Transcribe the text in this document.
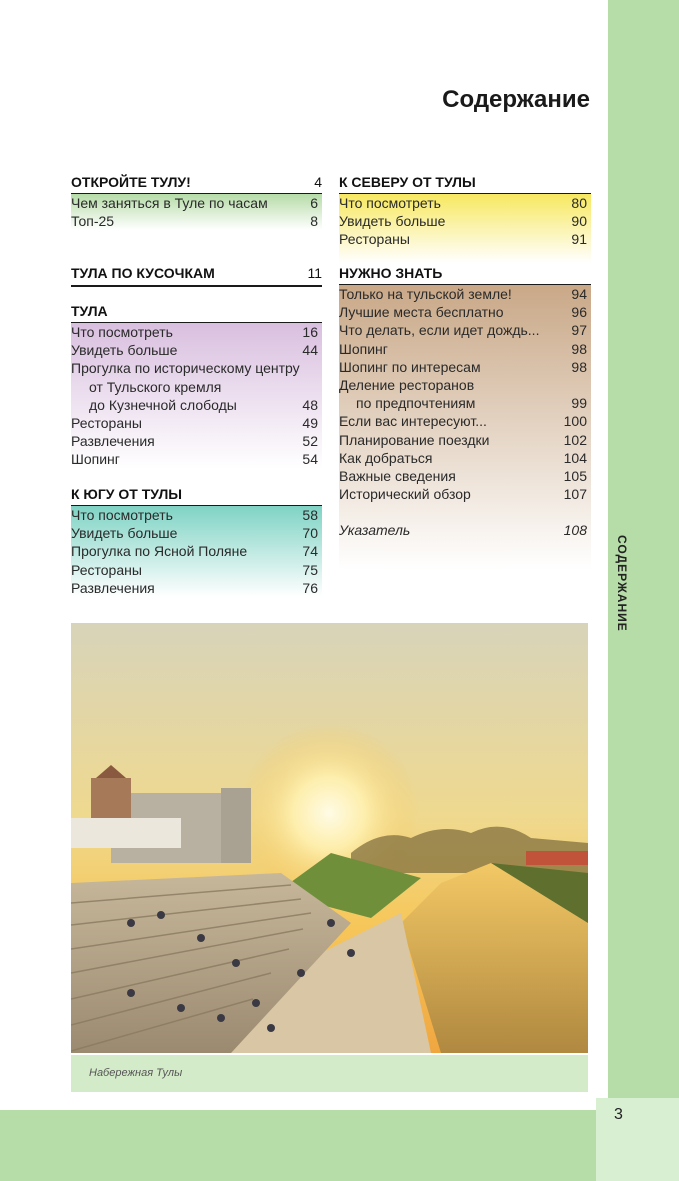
3
СОДЕРЖАНИЕ
Содержание
ОТКРОЙТЕ ТУЛУ!	4
Чем заняться в Туле по часам	6
Топ-25	8
ТУЛА ПО КУСОЧКАМ	11
ТУЛА
Что посмотреть	16
Увидеть больше	44
Прогулка по историческому центру
от Тульского кремля
до Кузнечной слободы	48
Рестораны	49
Развлечения	52
Шопинг	54
К ЮГУ ОТ ТУЛЫ
Что посмотреть	58
Увидеть больше	70
Прогулка по Ясной Поляне	74
Рестораны	75
Развлечения	76
К СЕВЕРУ ОТ ТУЛЫ
Что посмотреть	80
Увидеть больше	90
Рестораны	91
НУЖНО ЗНАТЬ
Только на тульской земле!	94
Лучшие места бесплатно	96
Что делать, если идет дождь... 97
Шопинг	98
Шопинг по интересам	98
Деление ресторанов
по предпочтениям	99
Если вас интересуют...	100
Планирование поездки	102
Как добраться	104
Важные сведения	105
Исторический обзор	107
Указатель	108
Набережная Тулы
